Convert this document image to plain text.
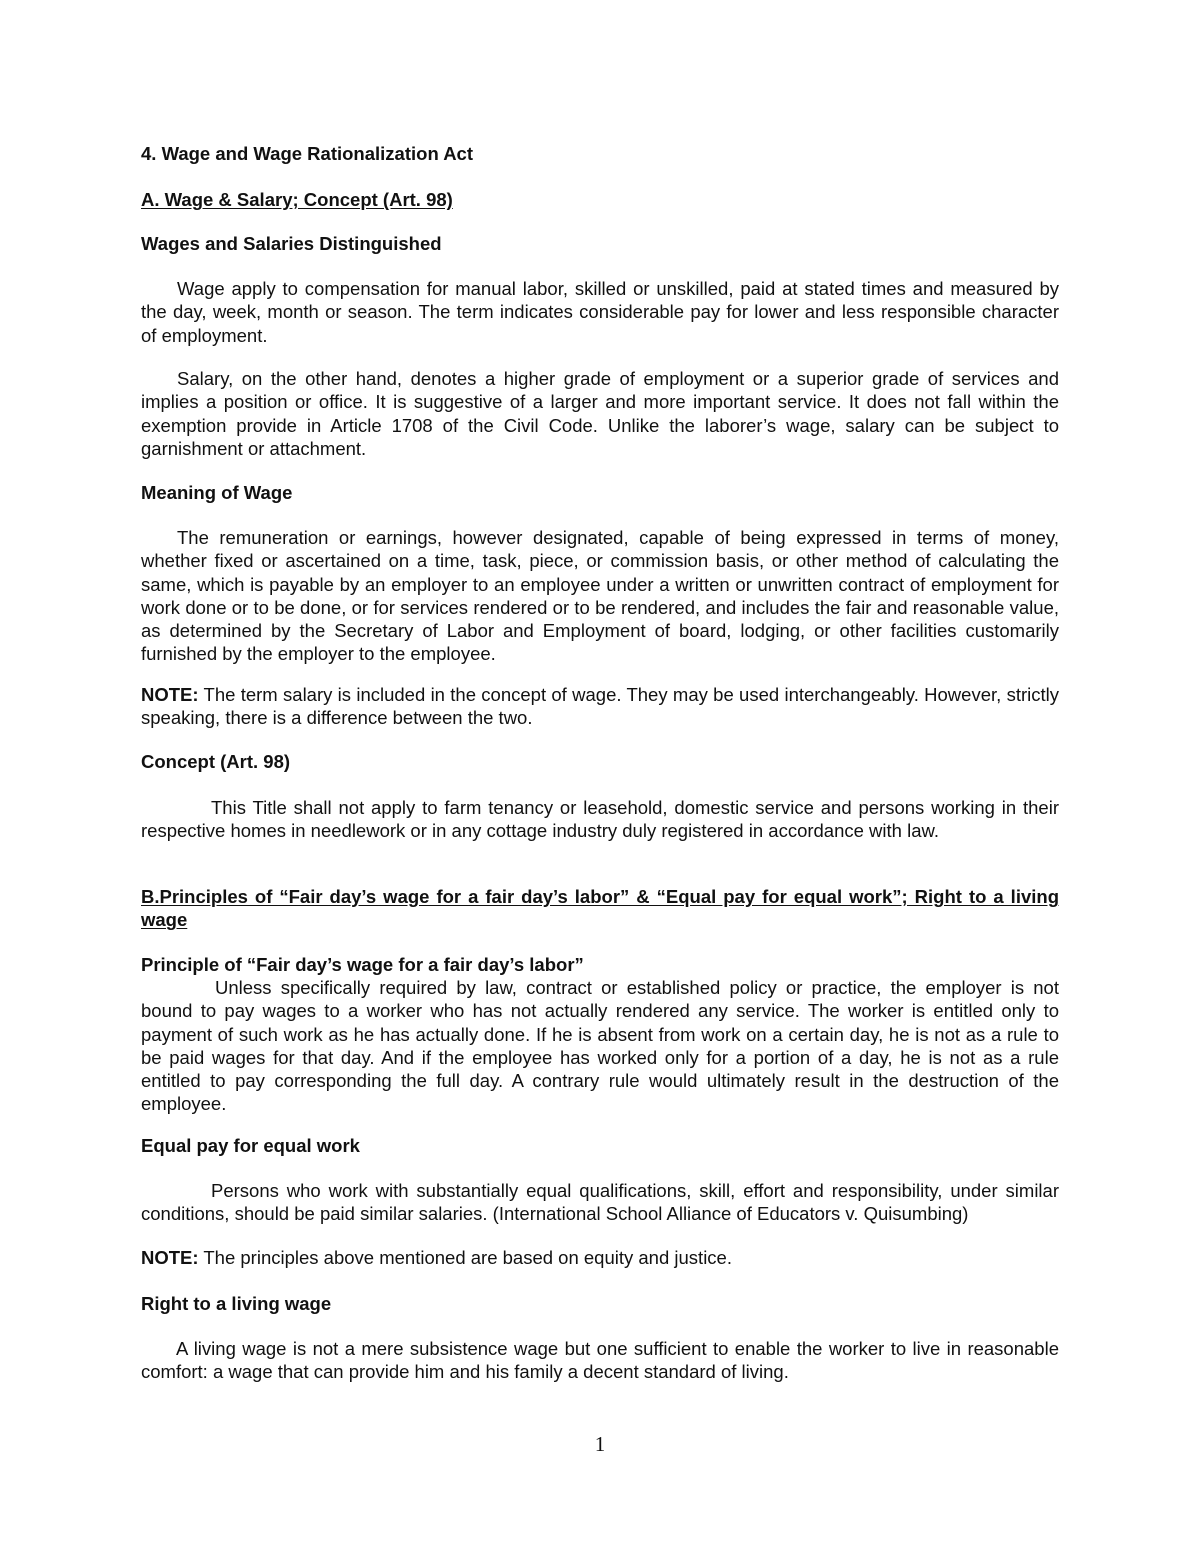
4. Wage and Wage Rationalization Act

A. Wage & Salary; Concept (Art. 98)

Wages and Salaries Distinguished

Wage apply to compensation for manual labor, skilled or unskilled, paid at stated times and measured by the day, week, month or season. The term indicates considerable pay for lower and less responsible character of employment.

Salary, on the other hand, denotes a higher grade of employment or a superior grade of services and implies a position or office. It is suggestive of a larger and more important service. It does not fall within the exemption provide in Article 1708 of the Civil Code. Unlike the laborer’s wage, salary can be subject to garnishment or attachment.

Meaning of Wage

The remuneration or earnings, however designated, capable of being expressed in terms of money, whether fixed or ascertained on a time, task, piece, or commission basis, or other method of calculating the same, which is payable by an employer to an employee under a written or unwritten contract of employment for work done or to be done, or for services rendered or to be rendered, and includes the fair and reasonable value, as determined by the Secretary of Labor and Employment of board, lodging, or other facilities customarily furnished by the employer to the employee.

NOTE: The term salary is included in the concept of wage. They may be used interchangeably. However, strictly speaking, there is a difference between the two.

Concept (Art. 98)

This Title shall not apply to farm tenancy or leasehold, domestic service and persons working in their respective homes in needlework or in any cottage industry duly registered in accordance with law.

B.Principles of “Fair day’s wage for a fair day’s labor” & “Equal pay for equal work”; Right to a living wage

Principle of “Fair day’s wage for a fair day’s labor”

Unless specifically required by law, contract or established policy or practice, the employer is not bound to pay wages to a worker who has not actually rendered any service. The worker is entitled only to payment of such work as he has actually done. If he is absent from work on a certain day, he is not as a rule to be paid wages for that day. And if the employee has worked only for a portion of a day, he is not as a rule entitled to pay corresponding the full day. A contrary rule would ultimately result in the destruction of the employee.

Equal pay for equal work

Persons who work with substantially equal qualifications, skill, effort and responsibility, under similar conditions, should be paid similar salaries. (International School Alliance of Educators v. Quisumbing)

NOTE: The principles above mentioned are based on equity and justice.

Right to a living wage

A living wage is not a mere subsistence wage but one sufficient to enable the worker to live in reasonable comfort: a wage that can provide him and his family a decent standard of living.

1
